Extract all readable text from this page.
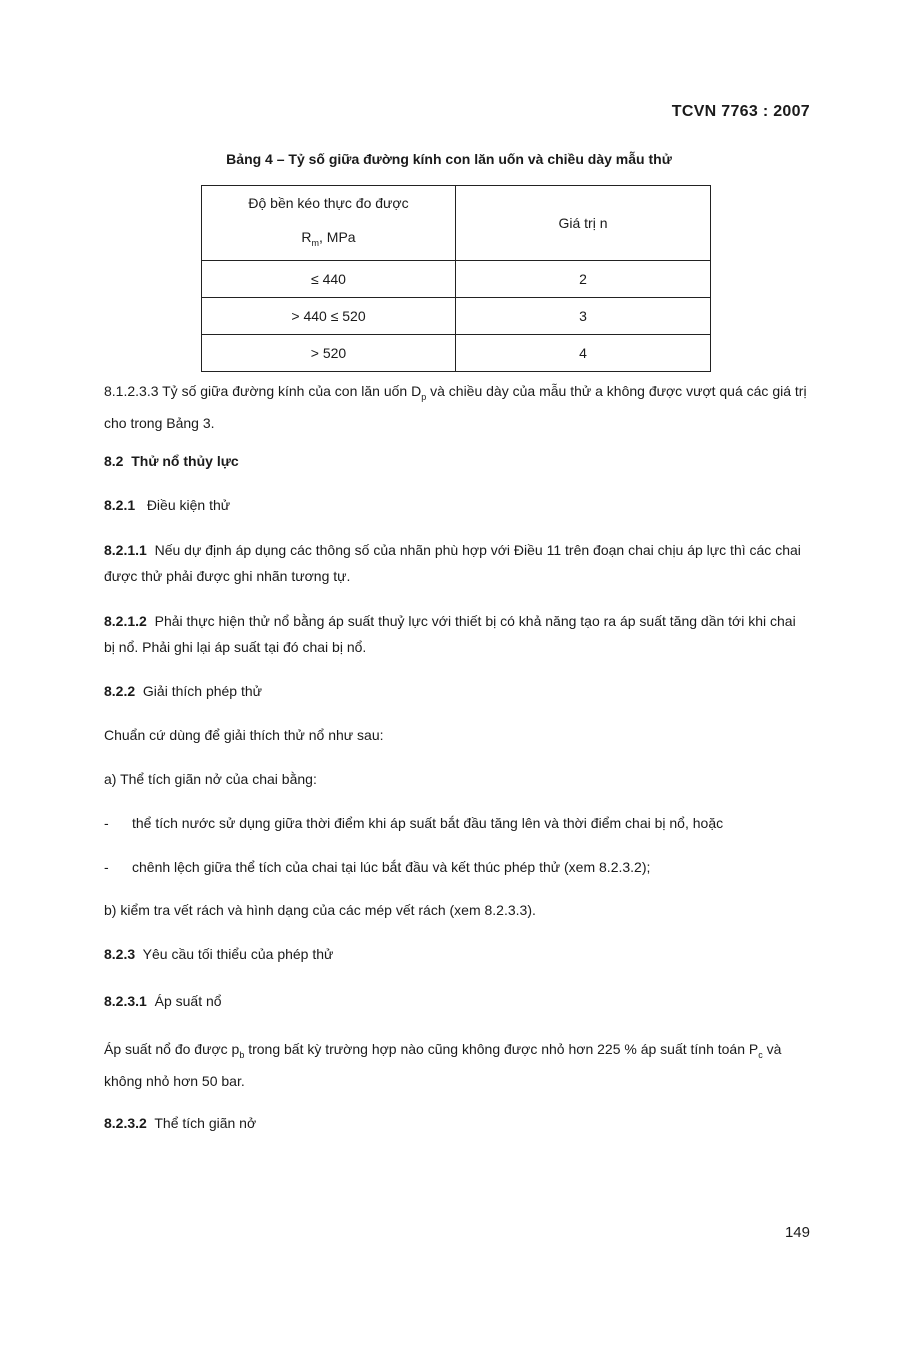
TCVN 7763 : 2007
Bảng 4 – Tỷ số giữa đường kính con lăn uốn và chiều dày mẫu thử
Độ bền kéo thực đo được
$R_m$, MPa	Giá trị n
≤ 440	2
> 440 ≤ 520	3
> 520	4
8.1.2.3.3 Tỷ số giữa đường kính của con lăn uốn $D_p$ và chiều dày của mẫu thử a không được vượt quá các giá trị cho trong Bảng 3.
8.2 Thử nổ thủy lực
8.2.1 Điều kiện thử
8.2.1.1 Nếu dự định áp dụng các thông số của nhãn phù hợp với Điều 11 trên đoạn chai chịu áp lực thì các chai được thử phải được ghi nhãn tương tự.
8.2.1.2 Phải thực hiện thử nổ bằng áp suất thuỷ lực với thiết bị có khả năng tạo ra áp suất tăng dần tới khi chai bị nổ. Phải ghi lại áp suất tại đó chai bị nổ.
8.2.2 Giải thích phép thử
Chuẩn cứ dùng để giải thích thử nổ như sau:
a) Thể tích giãn nở của chai bằng:
- thể tích nước sử dụng giữa thời điểm khi áp suất bắt đầu tăng lên và thời điểm chai bị nổ, hoặc
- chênh lệch giữa thể tích của chai tại lúc bắt đầu và kết thúc phép thử (xem 8.2.3.2);
b) kiểm tra vết rách và hình dạng của các mép vết rách (xem 8.2.3.3).
8.2.3 Yêu cầu tối thiểu của phép thử
8.2.3.1 Áp suất nổ
Áp suất nổ đo được $p_b$ trong bất kỳ trường hợp nào cũng không được nhỏ hơn 225 % áp suất tính toán $P_c$ và không nhỏ hơn 50 bar.
8.2.3.2 Thể tích giãn nở
149
